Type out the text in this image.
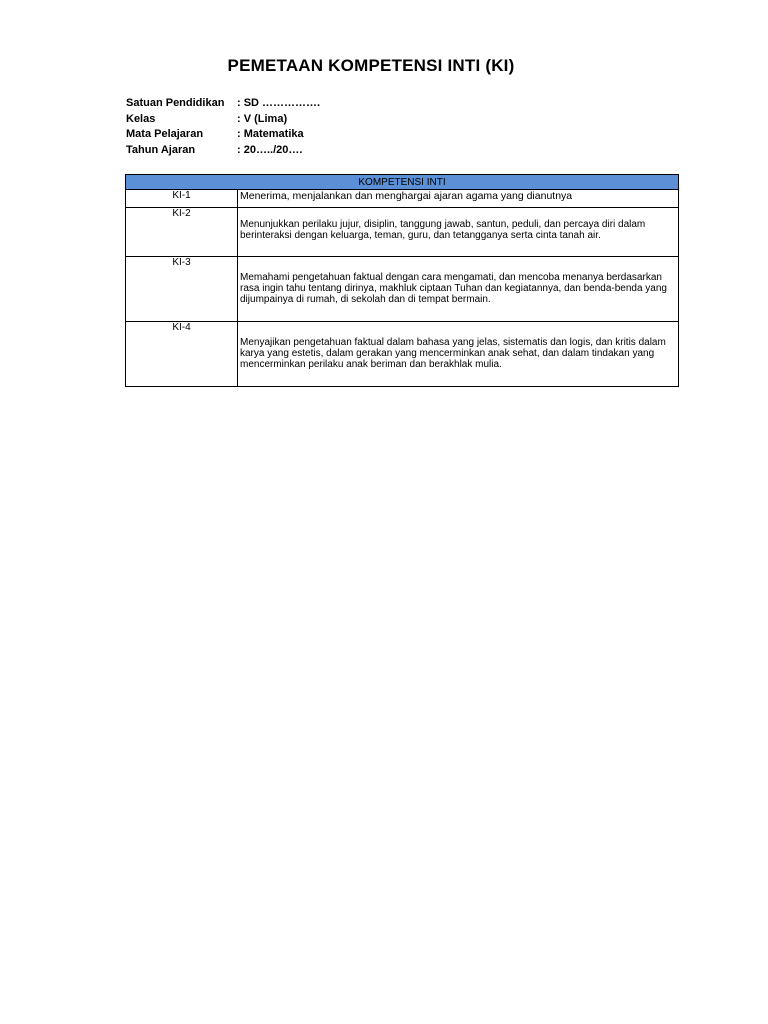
PEMETAAN KOMPETENSI INTI (KI)
Satuan Pendidikan	: SD …………….
Kelas	: V (Lima)
Mata Pelajaran	: Matematika
Tahun Ajaran	: 20…../20….
KOMPETENSI INTI	
KI-1	Menerima, menjalankan dan menghargai ajaran agama yang dianutnya

KI-2	Menunjukkan perilaku jujur, disiplin, tanggung jawab, santun, peduli, dan percaya diri dalam berinteraksi dengan keluarga, teman, guru, dan tetangganya serta cinta tanah air.

KI-3	Memahami pengetahuan faktual dengan cara mengamati, dan mencoba menanya berdasarkan rasa ingin tahu tentang dirinya, makhluk ciptaan Tuhan dan kegiatannya, dan benda-benda yang dijumpainya di rumah, di sekolah dan di tempat bermain.

KI-4	Menyajikan pengetahuan faktual dalam bahasa yang jelas, sistematis dan logis, dan kritis dalam karya yang estetis, dalam gerakan yang mencerminkan anak sehat, dan dalam tindakan yang mencerminkan perilaku anak beriman dan berakhlak mulia.
